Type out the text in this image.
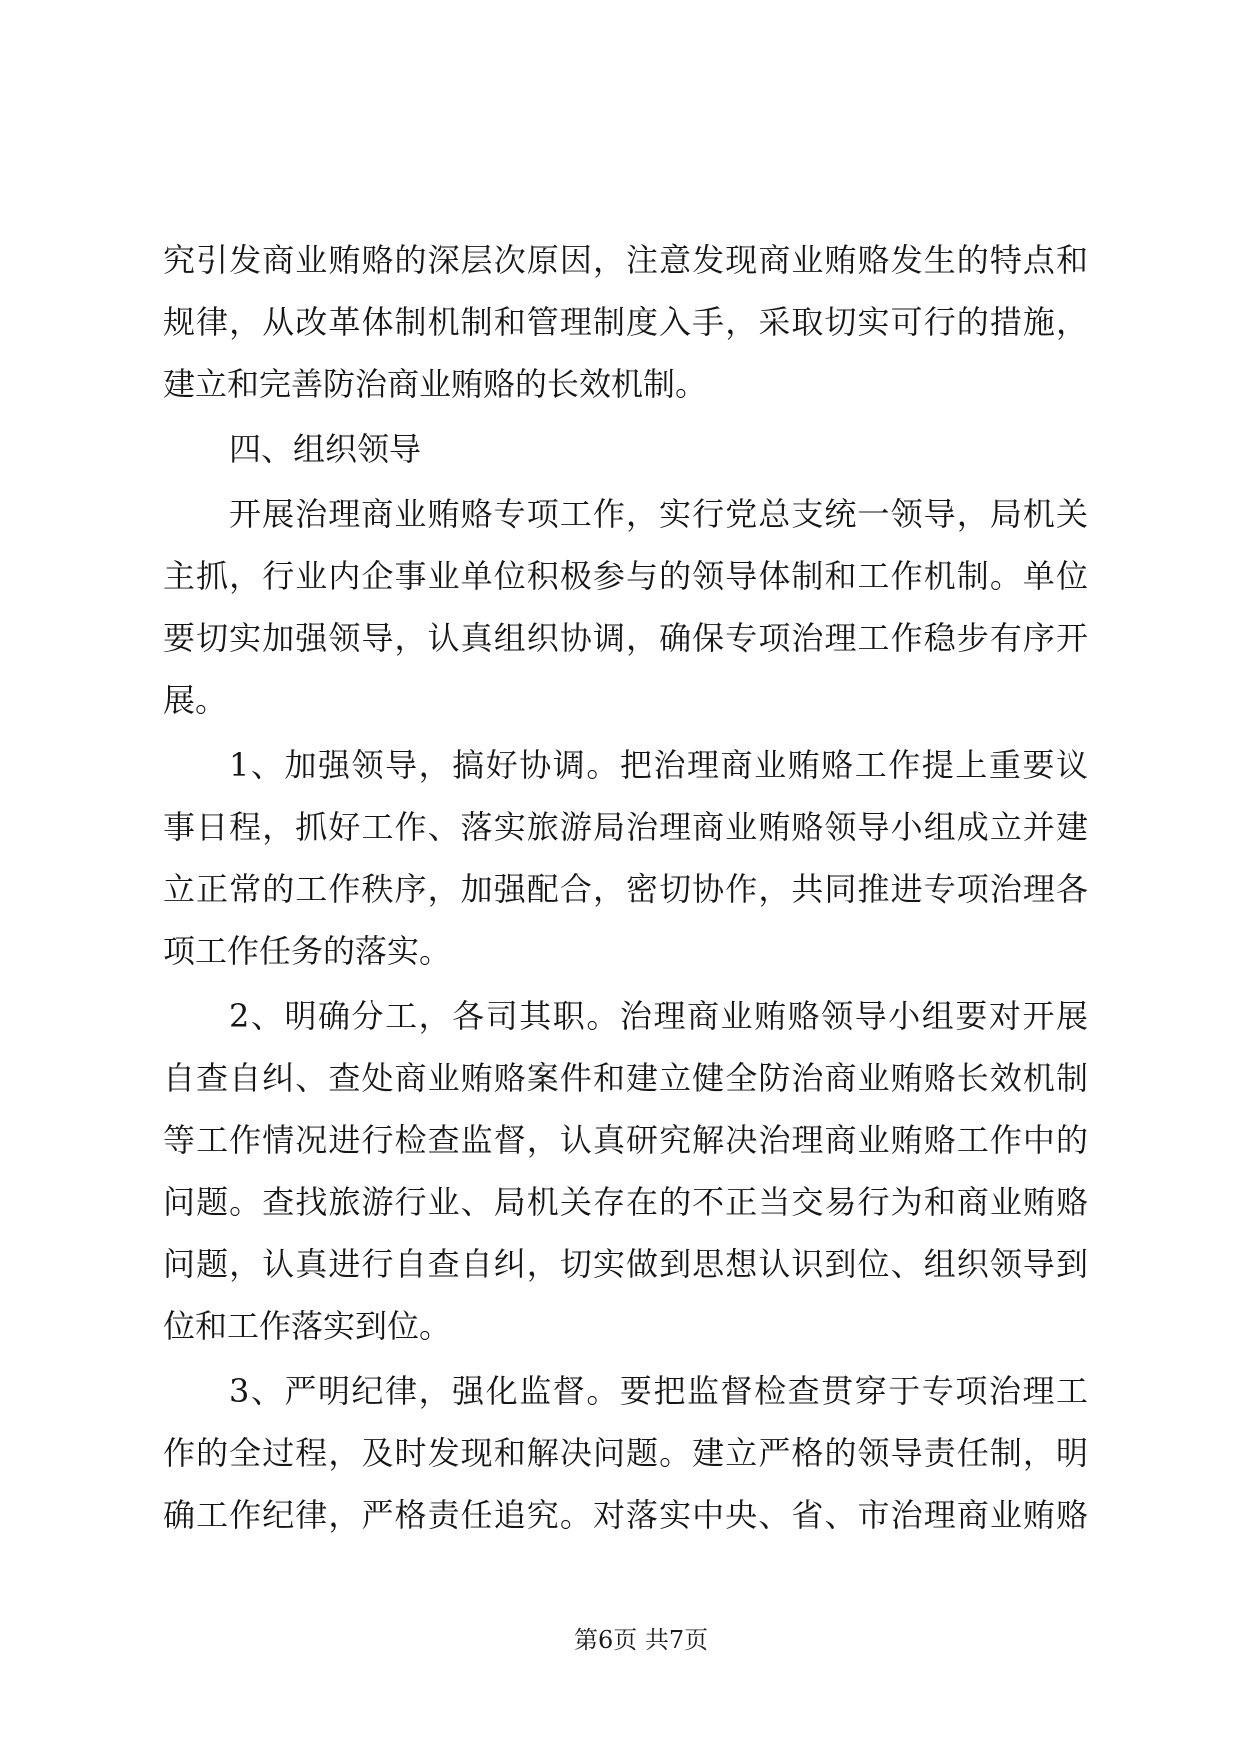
究引发商业贿赂的深层次原因，注意发现商业贿赂发生的特点和
规律，从改革体制机制和管理制度入手，采取切实可行的措施，
建立和完善防治商业贿赂的长效机制。
四、组织领导
开展治理商业贿赂专项工作，实行党总支统一领导，局机关
主抓，行业内企事业单位积极参与的领导体制和工作机制。单位
要切实加强领导，认真组织协调，确保专项治理工作稳步有序开
展。
1、加强领导，搞好协调。把治理商业贿赂工作提上重要议
事日程，抓好工作、落实旅游局治理商业贿赂领导小组成立并建
立正常的工作秩序，加强配合，密切协作，共同推进专项治理各
项工作任务的落实。
2、明确分工，各司其职。治理商业贿赂领导小组要对开展
自查自纠、查处商业贿赂案件和建立健全防治商业贿赂长效机制
等工作情况进行检查监督，认真研究解决治理商业贿赂工作中的
问题。查找旅游行业、局机关存在的不正当交易行为和商业贿赂
问题，认真进行自查自纠，切实做到思想认识到位、组织领导到
位和工作落实到位。
3、严明纪律，强化监督。要把监督检查贯穿于专项治理工
作的全过程，及时发现和解决问题。建立严格的领导责任制，明
确工作纪律，严格责任追究。对落实中央、省、市治理商业贿赂
第6页 共7页
